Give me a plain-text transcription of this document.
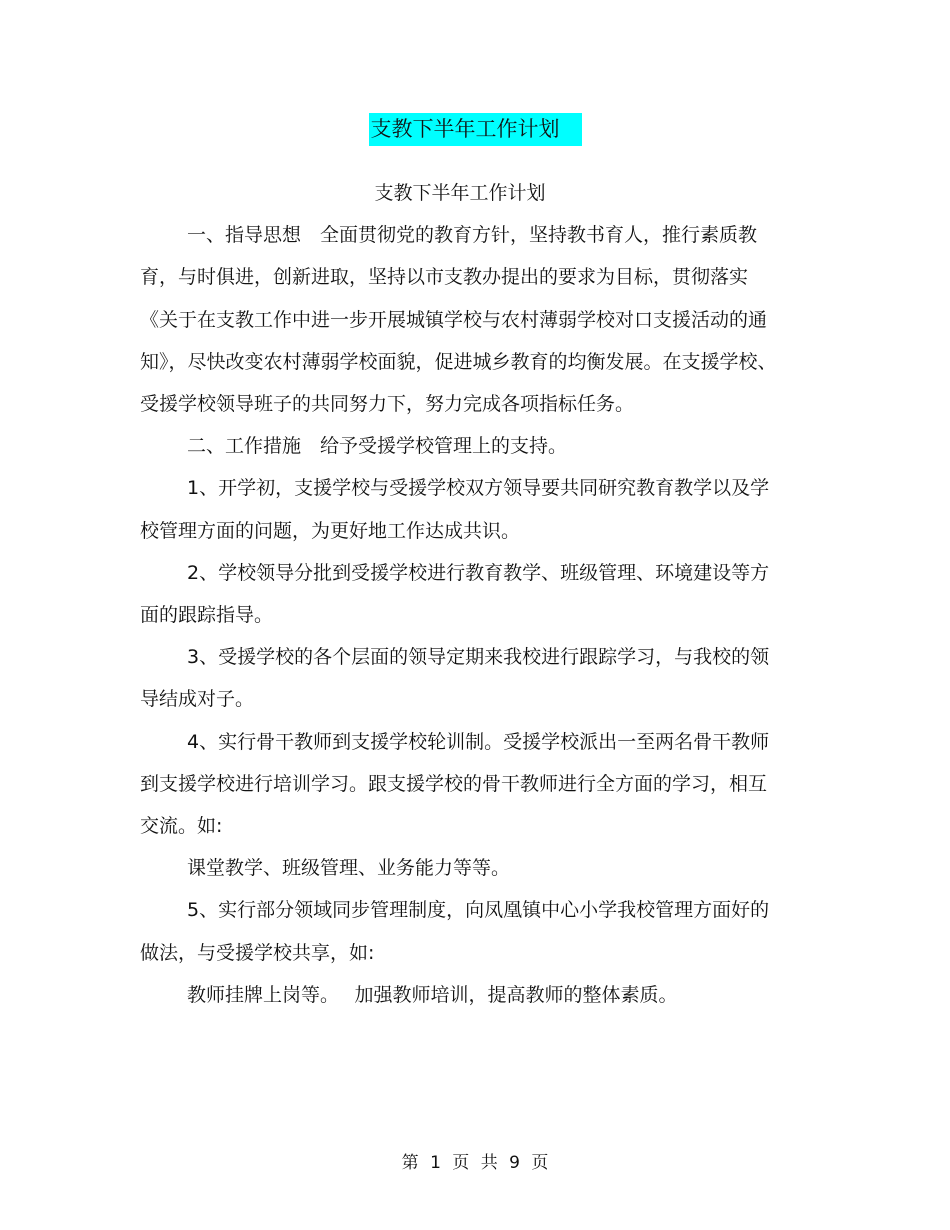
支教下半年工作计划

支教下半年工作计划

一、指导思想　全面贯彻党的教育方针，坚持教书育人，推行素质教育，与时俱进，创新进取，坚持以市支教办提出的要求为目标，贯彻落实《关于在支教工作中进一步开展城镇学校与农村薄弱学校对口支援活动的通知》，尽快改变农村薄弱学校面貌，促进城乡教育的均衡发展。在支援学校、受援学校领导班子的共同努力下，努力完成各项指标任务。

二、工作措施　给予受援学校管理上的支持。

1、开学初，支援学校与受援学校双方领导要共同研究教育教学以及学校管理方面的问题，为更好地工作达成共识。

2、学校领导分批到受援学校进行教育教学、班级管理、环境建设等方面的跟踪指导。

3、受援学校的各个层面的领导定期来我校进行跟踪学习，与我校的领导结成对子。

4、实行骨干教师到支援学校轮训制。受援学校派出一至两名骨干教师到支援学校进行培训学习。跟支援学校的骨干教师进行全方面的学习，相互交流。如:

课堂教学、班级管理、业务能力等等。

5、实行部分领域同步管理制度，向凤凰镇中心小学我校管理方面好的做法，与受援学校共享，如:

教师挂牌上岗等。　 加强教师培训，提高教师的整体素质。

第 1 页 共 9 页
